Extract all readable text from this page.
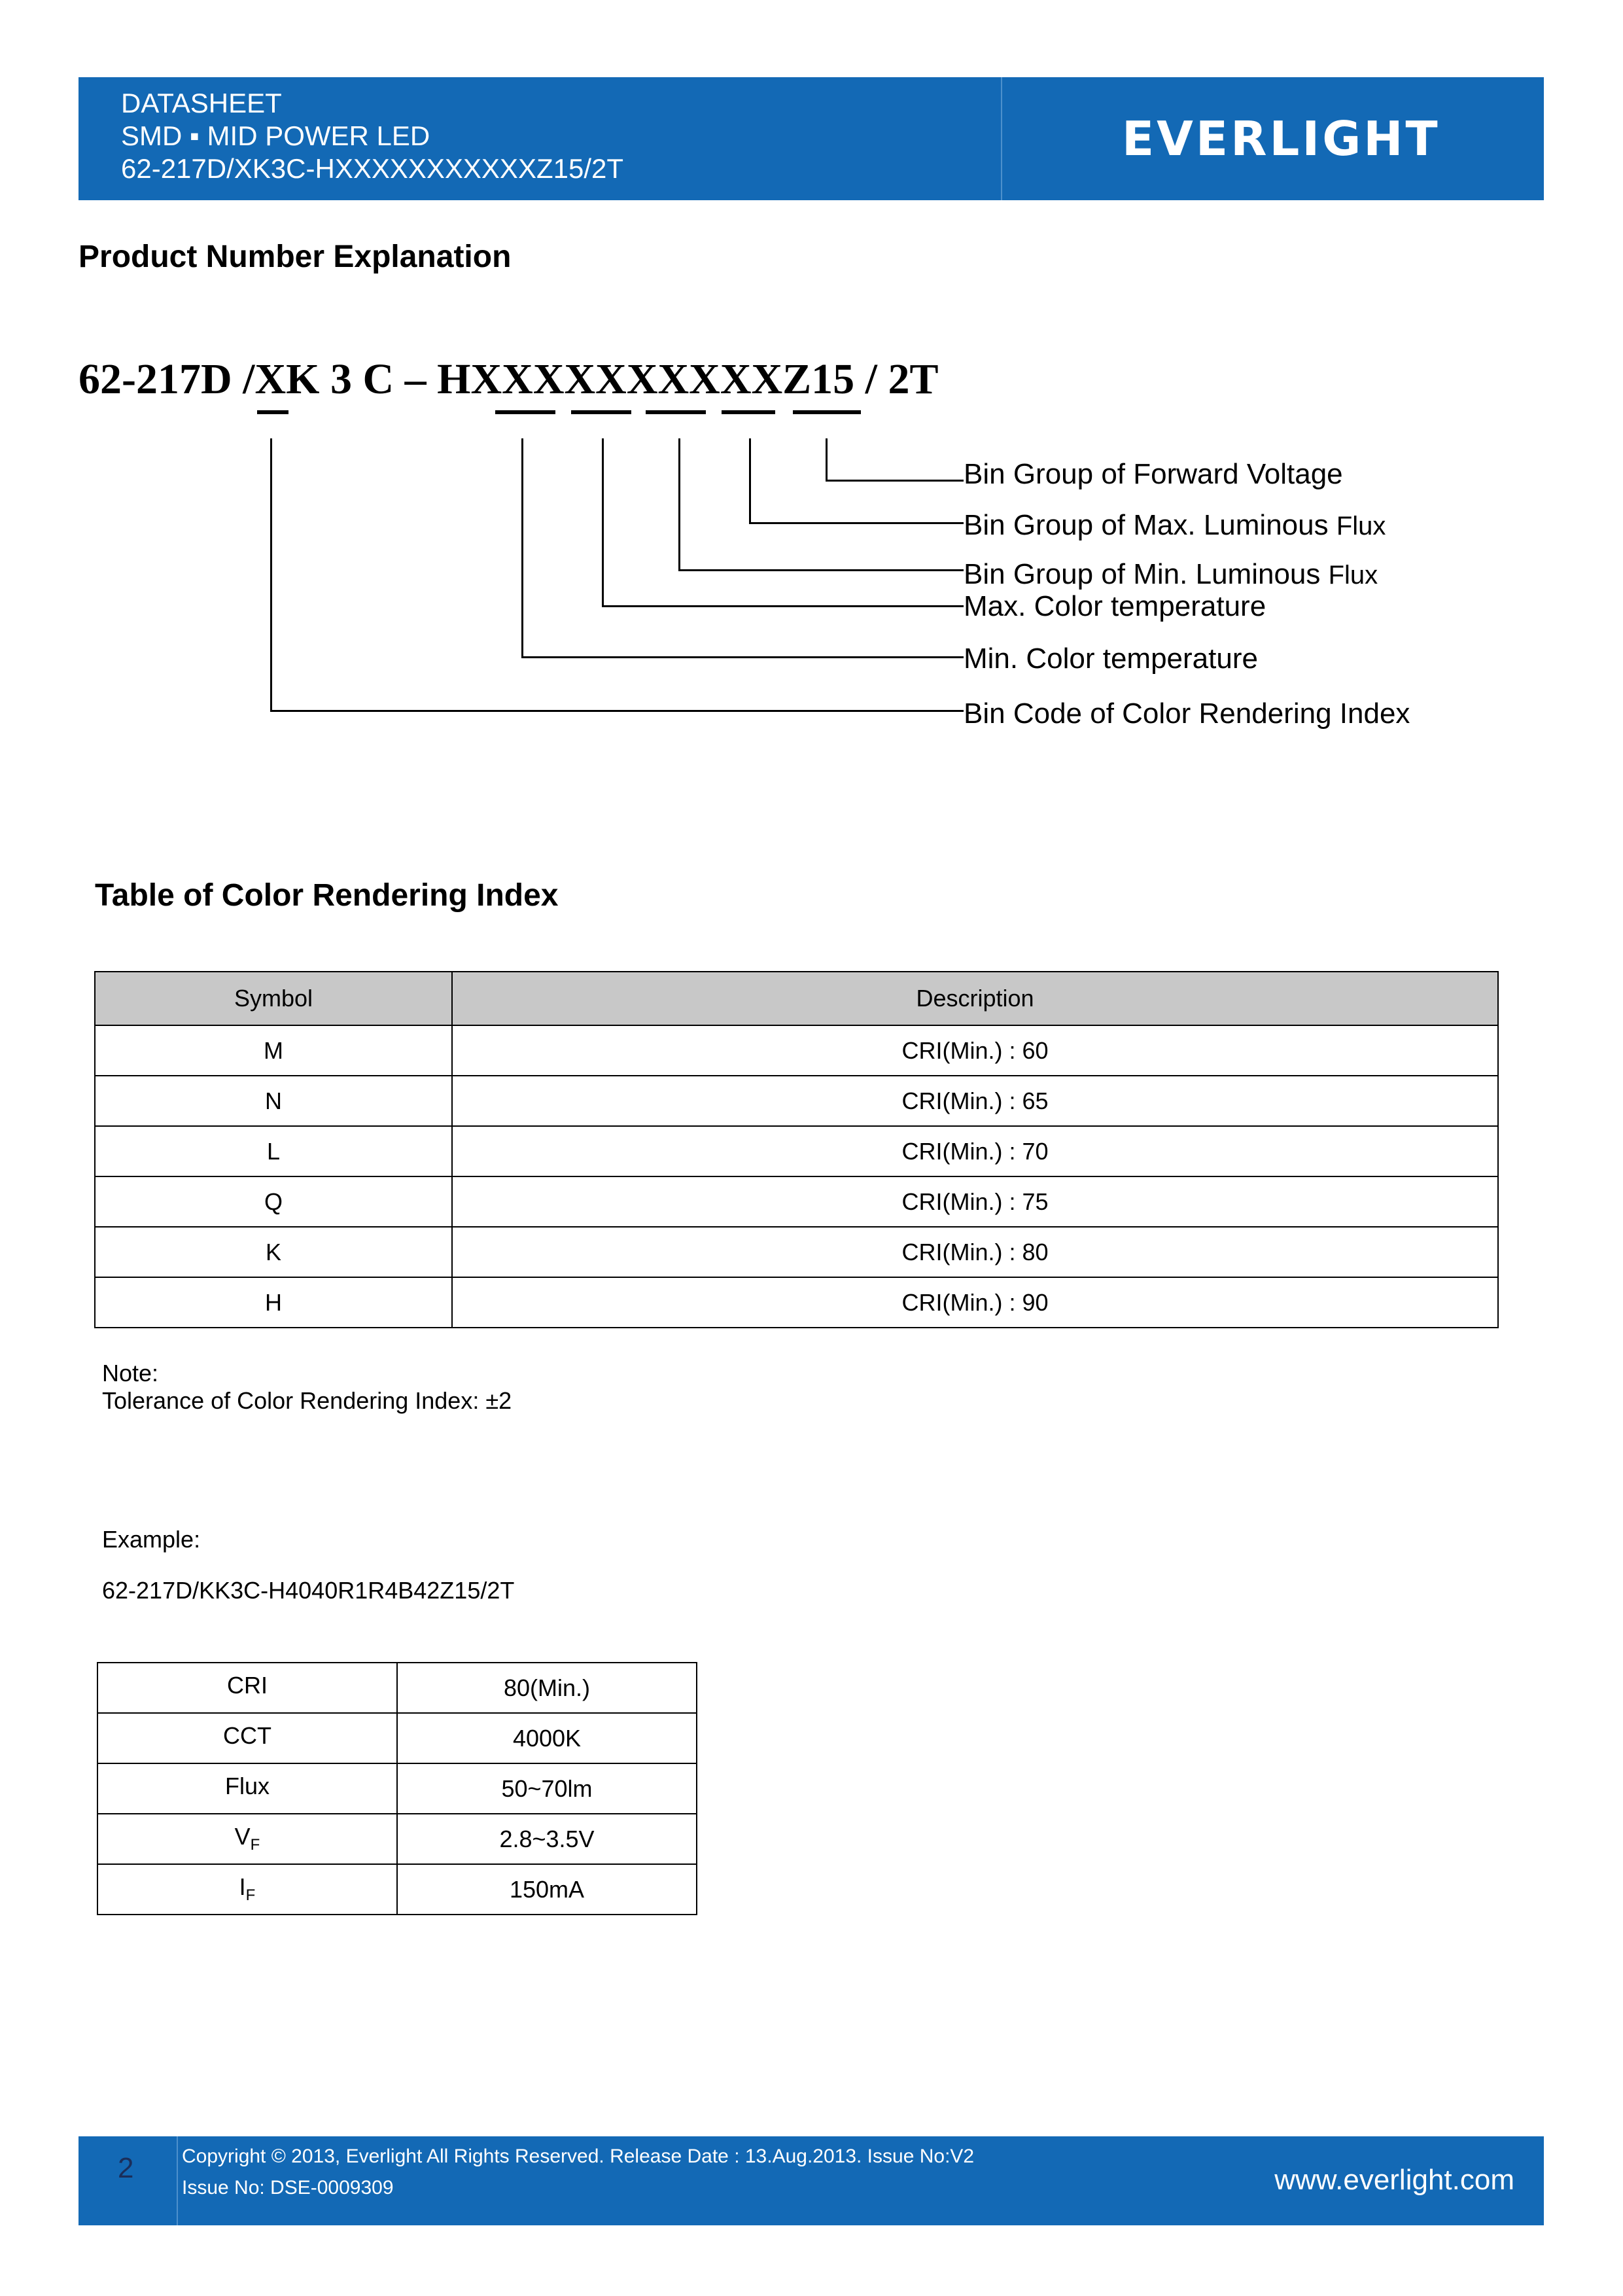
DATASHEET
SMD ▪ MID POWER LED
62-217D/XK3C-HXXXXXXXXXXXZ15/2T
EVERLIGHT
Product Number Explanation
62-217D /XK 3 C – HXXXXXXXXXXZ15 / 2T
Bin Group of Forward Voltage
Bin Group of Max. Luminous Flux
Bin Group of Min. Luminous Flux
Max. Color temperature
Min. Color temperature
Bin Code of Color Rendering Index
Table of Color Rendering Index
Symbol	Description
M	CRI(Min.) : 60
N	CRI(Min.) : 65
L	CRI(Min.) : 70
Q	CRI(Min.) : 75
K	CRI(Min.) : 80
H	CRI(Min.) : 90
Note:
Tolerance of Color Rendering Index: ±2
Example:
62-217D/KK3C-H4040R1R4B42Z15/2T
CRI	80(Min.)
CCT	4000K
Flux	50~70lm
$V_F$	2.8~3.5V
$I_F$	150mA
2 Copyright © 2013, Everlight All Rights Reserved. Release Date : 13.Aug.2013. Issue No:V2
Issue No: DSE-0009309	www.everlight.com
